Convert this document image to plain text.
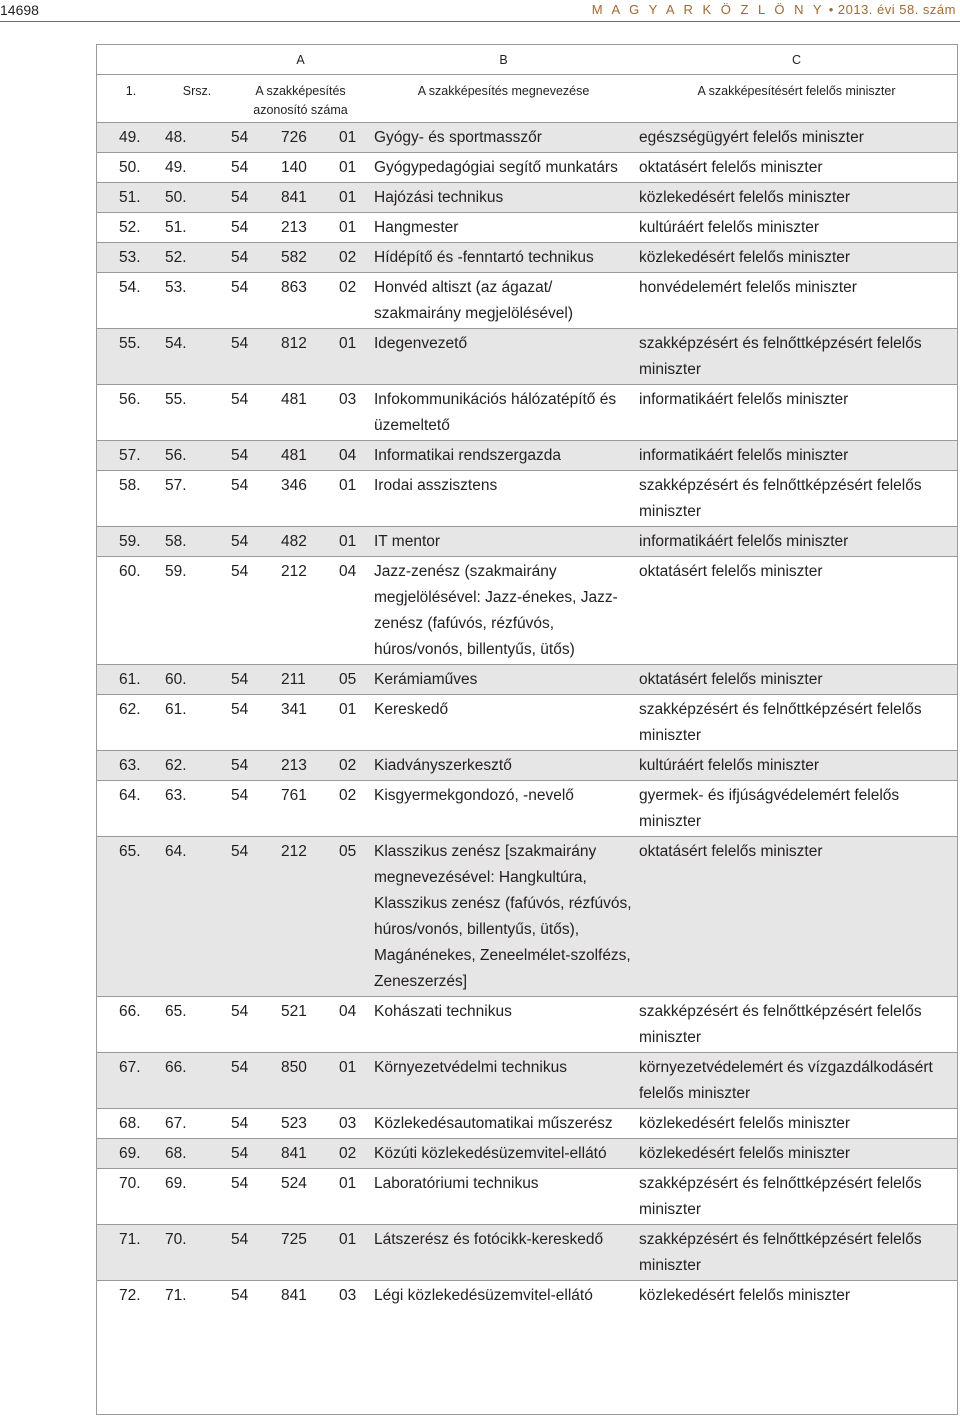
14698	M A G Y A R K Ö Z L Ö N Y • 2013. évi 58. szám
		A			B	C
1.	Srsz.	A szakképesítés azonosító száma			A szakképesítés megnevezése	A szakképesítésért felelős miniszter
49.	48.	54	726	01	Gyógy- és sportmasszőr	egészségügyért felelős miniszter
50.	49.	54	140	01	Gyógypedagógiai segítő munkatárs	oktatásért felelős miniszter
51.	50.	54	841	01	Hajózási technikus	közlekedésért felelős miniszter
52.	51.	54	213	01	Hangmester	kultúráért felelős miniszter
53.	52.	54	582	02	Hídépítő és -fenntartó technikus	közlekedésért felelős miniszter
54.	53.	54	863	02	Honvéd altiszt (az ágazat/ szakmairány megjelölésével)	honvédelemért felelős miniszter
55.	54.	54	812	01	Idegenvezető	szakképzésért és felnőttképzésért felelős miniszter
56.	55.	54	481	03	Infokommunikációs hálózatépítő és üzemeltető	informatikáért felelős miniszter
57.	56.	54	481	04	Informatikai rendszergazda	informatikáért felelős miniszter
58.	57.	54	346	01	Irodai asszisztens	szakképzésért és felnőttképzésért felelős miniszter
59.	58.	54	482	01	IT mentor	informatikáért felelős miniszter
60.	59.	54	212	04	Jazz-zenész (szakmairány megjelölésével: Jazz-énekes, Jazz-zenész (fafúvós, rézfúvós, húros/vonós, billentyűs, ütős)	oktatásért felelős miniszter
61.	60.	54	211	05	Kerámiaműves	oktatásért felelős miniszter
62.	61.	54	341	01	Kereskedő	szakképzésért és felnőttképzésért felelős miniszter
63.	62.	54	213	02	Kiadványszerkesztő	kultúráért felelős miniszter
64.	63.	54	761	02	Kisgyermekgondozó, -nevelő	gyermek- és ifjúságvédelemért felelős miniszter
65.	64.	54	212	05	Klasszikus zenész [szakmairány megnevezésével: Hangkultúra, Klasszikus zenész (fafúvós, rézfúvós, húros/vonós, billentyűs, ütős), Magánénekes, Zeneelmélet-szolfézs, Zeneszerzés]	oktatásért felelős miniszter
66.	65.	54	521	04	Kohászati technikus	szakképzésért és felnőttképzésért felelős miniszter
67.	66.	54	850	01	Környezetvédelmi technikus	környezetvédelemért és vízgazdálkodásért felelős miniszter
68.	67.	54	523	03	Közlekedésautomatikai műszerész	közlekedésért felelős miniszter
69.	68.	54	841	02	Közúti közlekedésüzemvitel-ellátó	közlekedésért felelős miniszter
70.	69.	54	524	01	Laboratóriumi technikus	szakképzésért és felnőttképzésért felelős miniszter
71.	70.	54	725	01	Látszerész és fotócikk-kereskedő	szakképzésért és felnőttképzésért felelős miniszter
72.	71.	54	841	03	Légi közlekedésüzemvitel-ellátó	közlekedésért felelős miniszter
